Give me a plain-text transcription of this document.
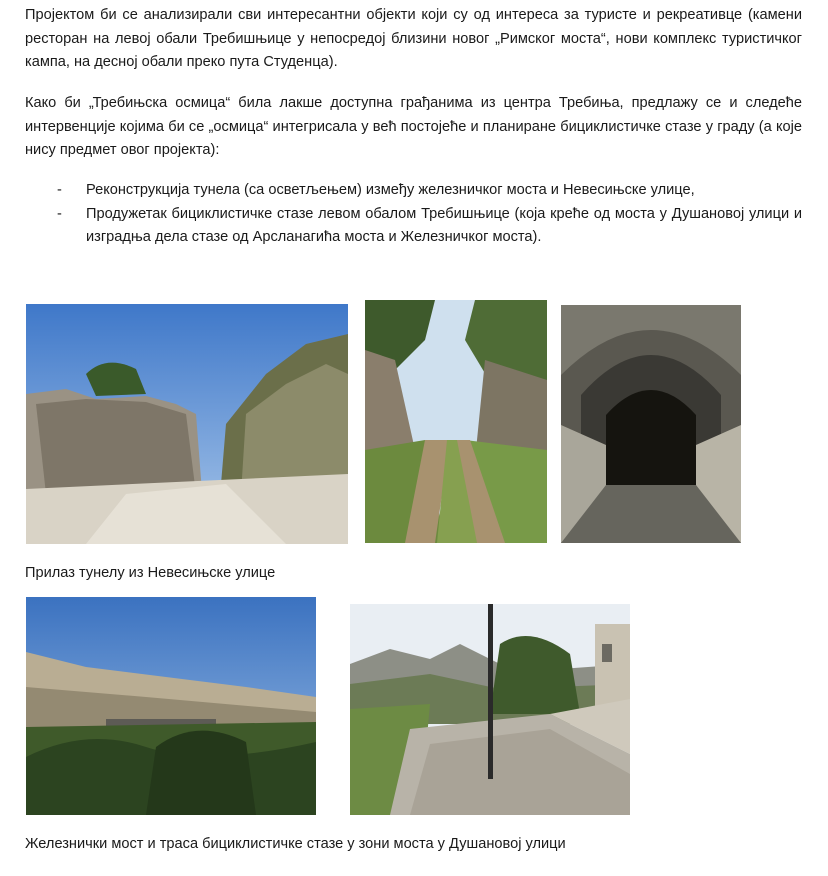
Пројектом би се анализирали сви интересантни објекти који су од интереса за туристе и рекреативце (камени ресторан на левој обали Требишњице у непосредој близини новог „Римског моста“, нови комплекс туристичког кампа, на десној обали преко пута Студенца).

Како би „Требињска осмица“ била лакше доступна грађанима из центра Требиња, предлажу се и следеће интервенције којима би се „осмица“ интегрисала у већ постојеће и планиране бициклистичке стазе у граду (а које нису предмет овог пројекта):

- Реконструкција тунела (са осветљењем) између железничког моста и Невесињске улице,
- Продужетак бициклистичке стазе левом обалом Требишњице (која креће од моста у Душановој улици и изградња дела стазе од Арсланагића моста и Железничког моста).

Прилаз тунелу из Невесињске улице

Железнички мост и траса бициклистичке стазе у зони моста у Душановој улици
